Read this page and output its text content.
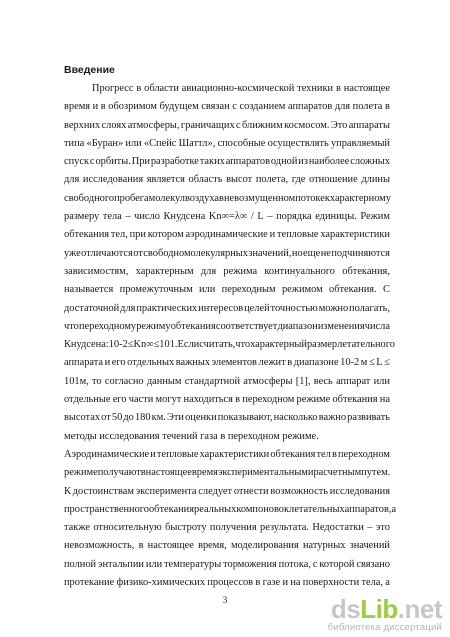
Введение
Прогресс в области авиационно-космической техники в настоящее
время и в обозримом будущем связан с созданием аппаратов для полета в
верхних слоях атмосферы, граничащих с ближним космосом. Это аппараты
типа «Буран» или «Спейс Шаттл», способные осуществлять управляемый
спуск с орбиты. При разработке таких аппаратов одной из наиболее сложных
для исследования является область высот полета, где отношение длины
свободного пробега молекул воздуха в невозмущенном потоке к характерному
размеру тела – число Кнудсена Kn∞=λ∞ / L – порядка единицы. Режим
обтекания тел, при котором аэродинамические и тепловые характеристики
уже отличаются от свободномолекулярных значений, но еще не подчиняются
зависимостям, характерным для режима континуального обтекания,
называется промежуточным или переходным режимом обтекания. С
достаточной для практических интересов целей точностью можно полагать,
что переходному режиму обтекания соответствует диапазон изменения числа
Кнудсена: 10-2 ≤ Kn∞ ≤ 101. Если считать, что характерный размер летательного
аппарата и его отдельных важных элементов лежит в диапазоне 10-2 м ≤ L ≤
101м, то согласно данным стандартной атмосферы [1], весь аппарат или
отдельные его части могут находиться в переходном режиме обтекания на
высотах от 50 до 180 км. Эти оценки показывают, насколько важно развивать
методы исследования течений газа в переходном режиме.
Аэродинамические и тепловые характеристики обтекания тел в переходном
режиме получают в настоящее время экспериментальным и расчетным путем.
К достоинствам эксперимента следует отнести возможность исследования
пространственного обтекания реальных компоновок летательных аппаратов, а
также относительную быстроту получения результата. Недостатки – это
невозможность, в настоящее время, моделирования натурных значений
полной энтальпии или температуры торможения потока, с которой связано
протекание физико-химических процессов в газе и на поверхности тела, а
3	dsLib.net
библиотека диссертаций
